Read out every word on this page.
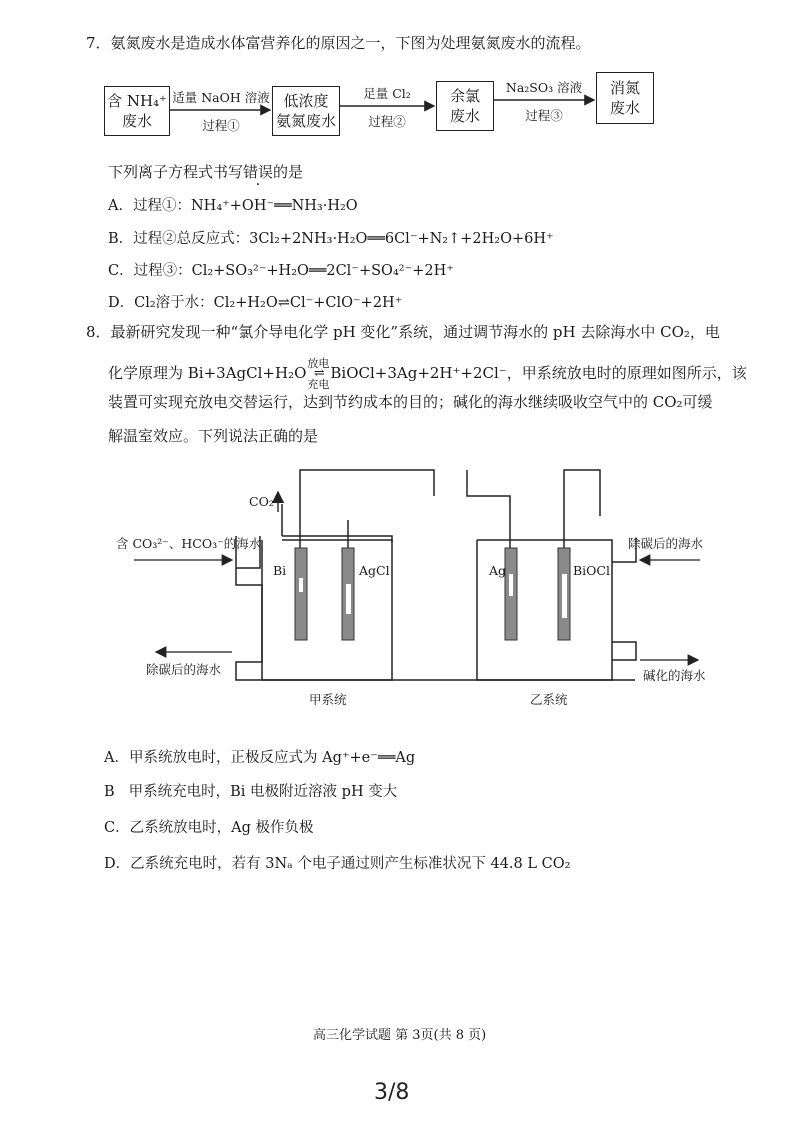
7．氨氮废水是造成水体富营养化的原因之一，下图为处理氨氮废水的流程。
含 NH₄⁺
废水
低浓度
氨氮废水
余氯
废水
消氮
废水
适量 NaOH 溶液
过程①
足量 Cl₂
过程②
Na₂SO₃ 溶液
过程③
下列离子方程式书写错误的是
A．过程①：NH₄⁺+OH⁻══NH₃·H₂O
B．过程②总反应式：3Cl₂+2NH₃·H₂O══6Cl⁻+N₂↑+2H₂O+6H⁺
C．过程③：Cl₂+SO₃²⁻+H₂O══2Cl⁻+SO₄²⁻+2H⁺
D．Cl₂溶于水：Cl₂+H₂O⇌Cl⁻+ClO⁻+2H⁺
8．最新研究发现一种“氯介导电化学 pH 变化”系统，通过调节海水的 pH 去除海水中 CO₂，电
化学原理为 Bi+3AgCl+H₂O
放电
⇌
充电
BiOCl+3Ag+2H⁺+2Cl⁻，甲系统放电时的原理如图所示，该
装置可实现充放电交替运行，达到节约成本的目的；碱化的海水继续吸收空气中的 CO₂可缓
解温室效应。下列说法正确的是
CO₂
含 CO₃²⁻、HCO₃⁻的海水
Bi	AgCl
除碳后的海水
甲系统
除碳后的海水
Ag	BiOCl
碱化的海水
乙系统
A．甲系统放电时，正极反应式为 Ag⁺+e⁻══Ag
B 甲系统充电时，Bi 电极附近溶液 pH 变大
C．乙系统放电时，Ag 极作负极
D．乙系统充电时，若有 3Nₐ 个电子通过则产生标准状况下 44.8 L CO₂
高三化学试题 第 3页(共 8 页)
3/8
